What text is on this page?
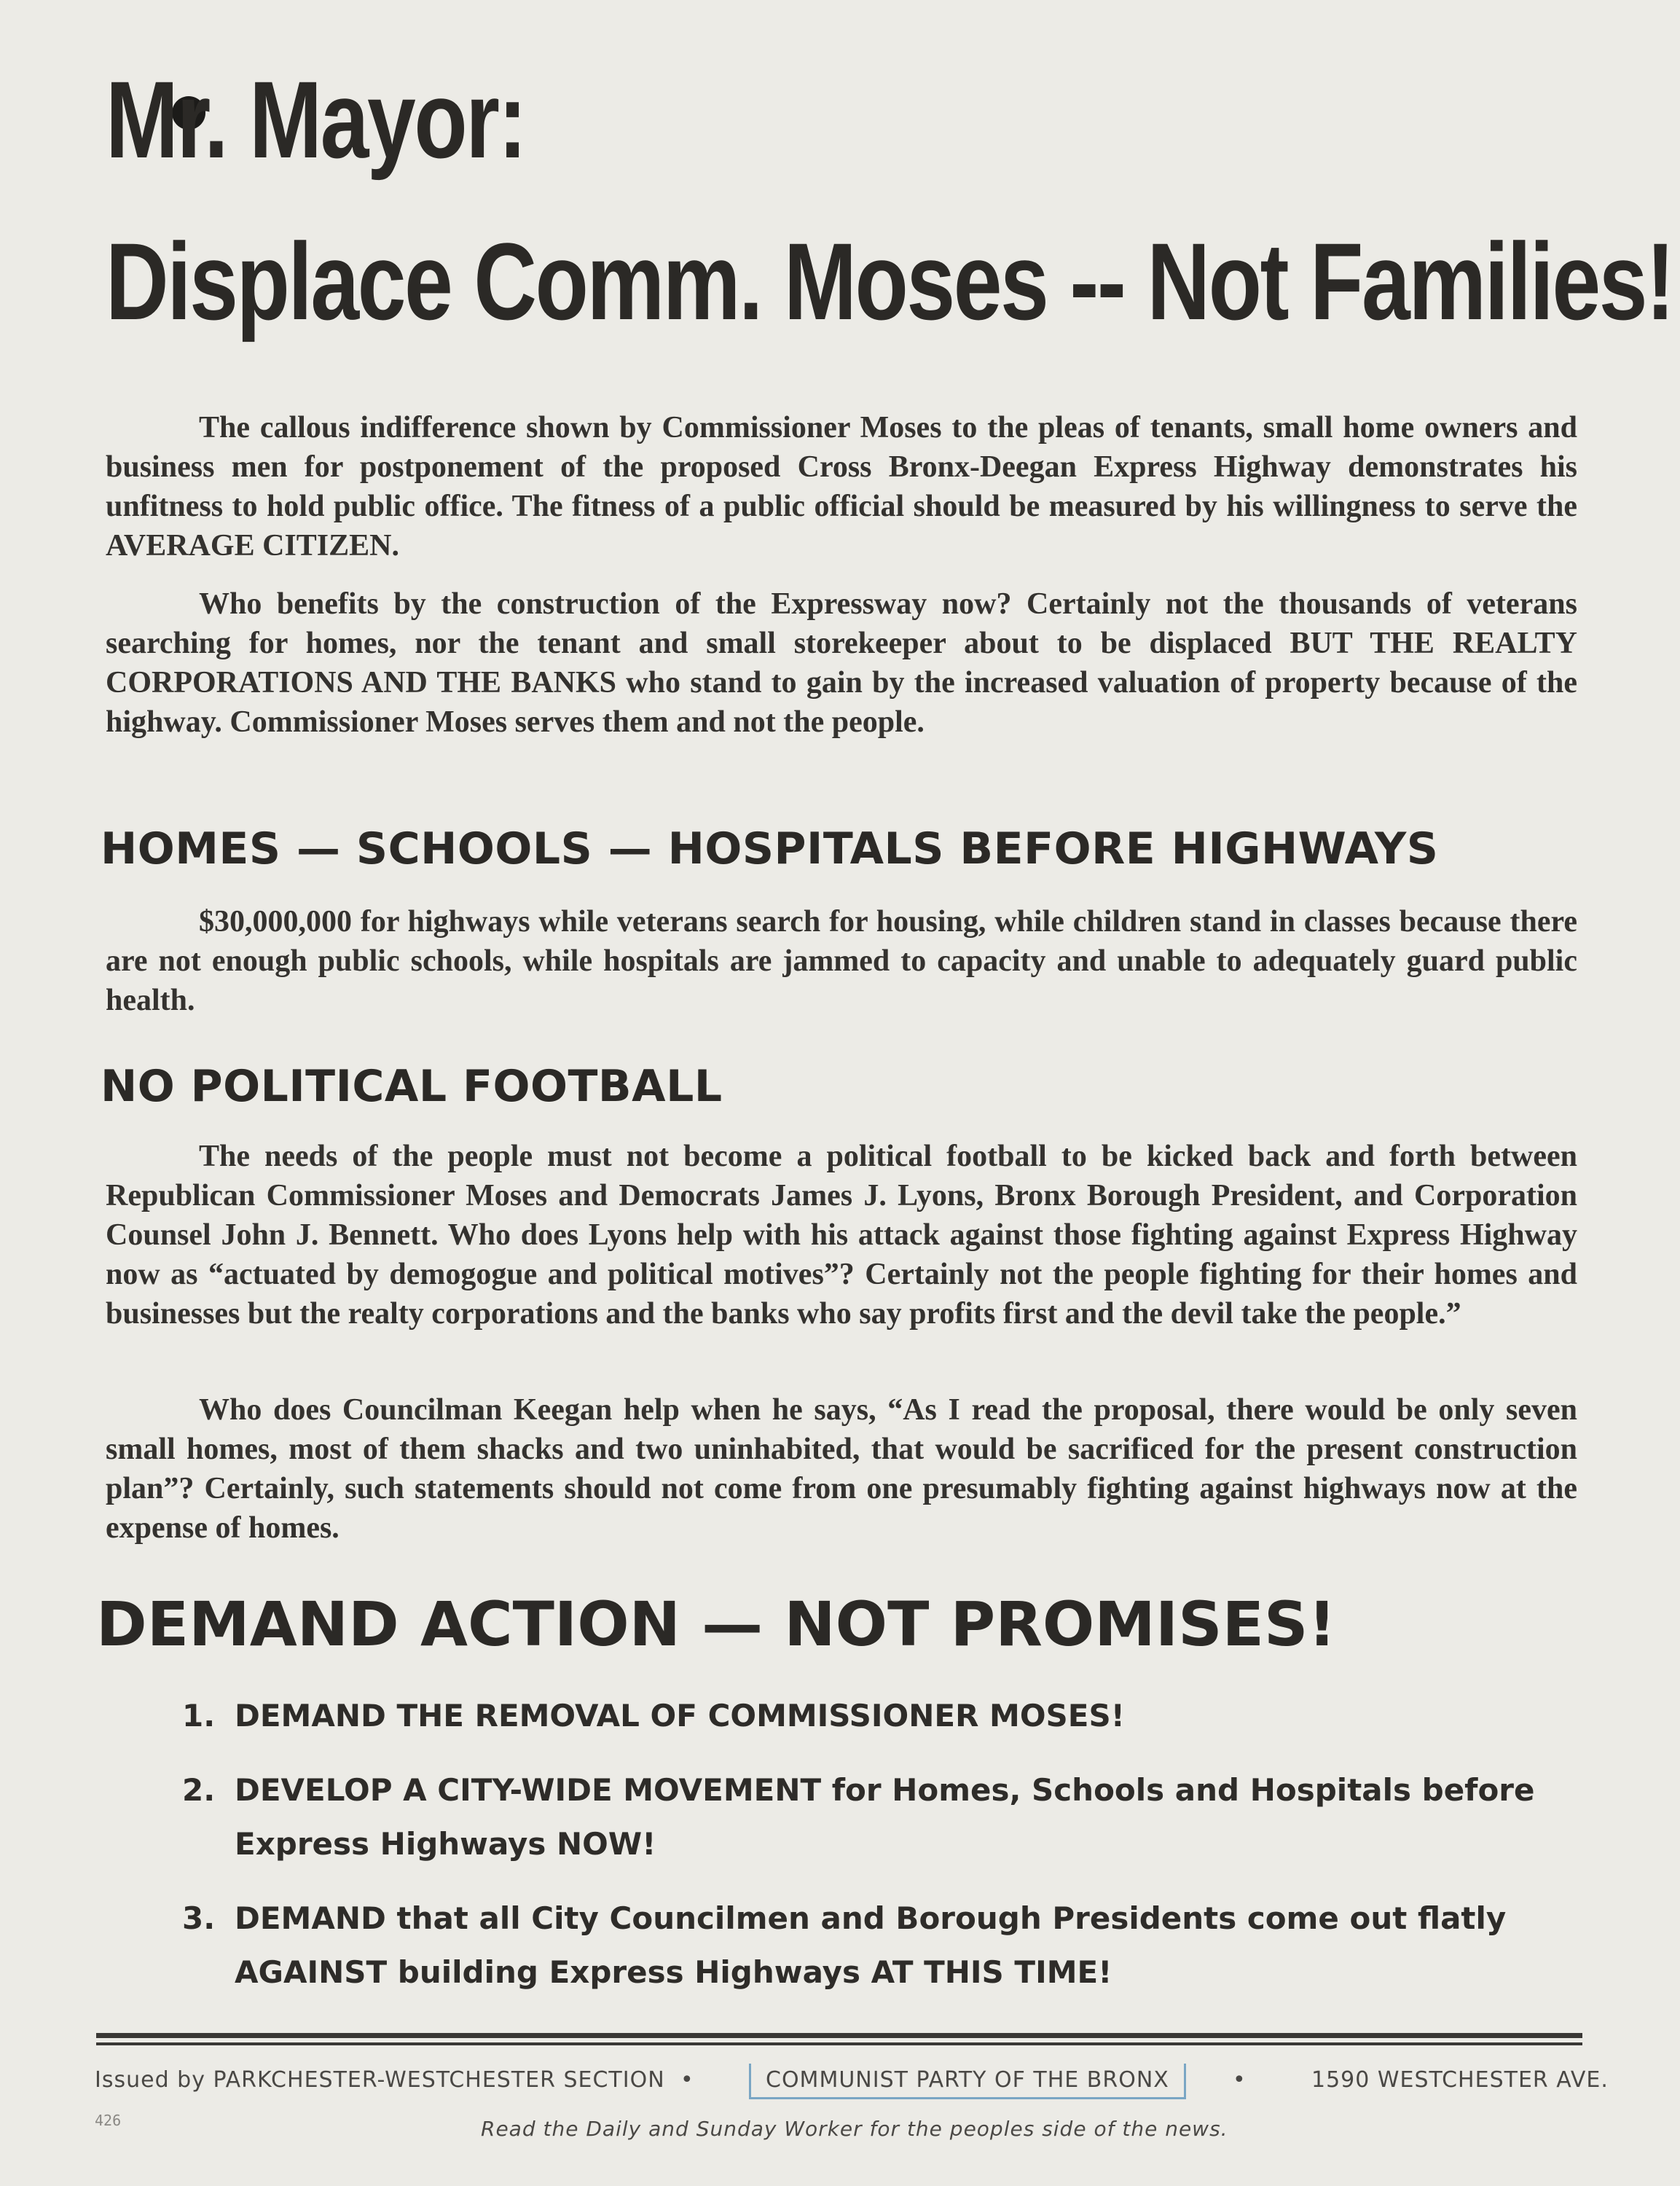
Mr. Mayor:
Displace Comm. Moses -- Not Families!

The callous indifference shown by Commissioner Moses to the pleas of tenants, small home owners and business men for postponement of the proposed Cross Bronx-Deegan Express Highway demonstrates his unfitness to hold public office. The fitness of a public official should be measured by his willingness to serve the AVERAGE CITIZEN.

Who benefits by the construction of the Expressway now? Certainly not the thousands of veterans searching for homes, nor the tenant and small storekeeper about to be displaced BUT THE REALTY CORPORATIONS AND THE BANKS who stand to gain by the increased valuation of property because of the highway. Commissioner Moses serves them and not the people.

HOMES — SCHOOLS — HOSPITALS BEFORE HIGHWAYS

$30,000,000 for highways while veterans search for housing, while children stand in classes because there are not enough public schools, while hospitals are jammed to capacity and unable to adequately guard public health.

NO POLITICAL FOOTBALL

The needs of the people must not become a political football to be kicked back and forth between Republican Commissioner Moses and Democrats James J. Lyons, Bronx Borough President, and Corporation Counsel John J. Bennett. Who does Lyons help with his attack against those fighting against Express Highway now as “actuated by demogogue and political motives”? Certainly not the people fighting for their homes and businesses but the realty corporations and the banks who say profits first and the devil take the people.”

Who does Councilman Keegan help when he says, “As I read the proposal, there would be only seven small homes, most of them shacks and two uninhabited, that would be sacrificed for the present construction plan”? Certainly, such statements should not come from one presumably fighting against highways now at the expense of homes.

DEMAND ACTION — NOT PROMISES!
1. DEMAND THE REMOVAL OF COMMISSIONER MOSES!
2. DEVELOP A CITY-WIDE MOVEMENT for Homes, Schools and Hospitals before Express Highways NOW!
3. DEMAND that all City Councilmen and Borough Presidents come out flatly AGAINST building Express Highways AT THIS TIME!
Issued by PARKCHESTER-WESTCHESTER SECTION •	COMMUNIST PARTY OF THE BRONX	•	1590 WESTCHESTER AVE.
426	Read the Daily and Sunday Worker for the peoples side of the news.
